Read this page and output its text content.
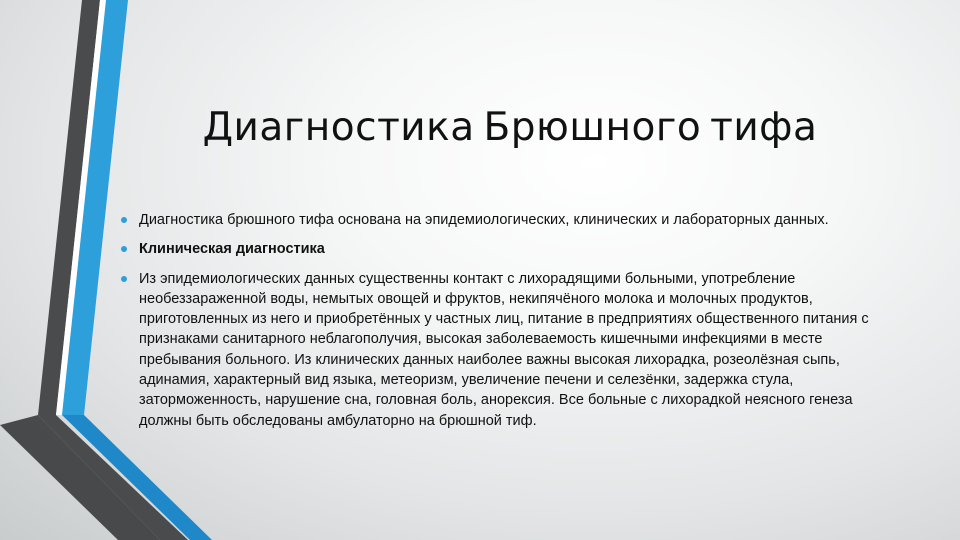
Диагностика Брюшного тифа
Диагностика брюшного тифа основана на эпидемиологических, клинических и лабораторных данных.
Клиническая диагностика
Из эпидемиологических данных существенны контакт с лихорадящими больными, употребление необеззараженной воды, немытых овощей и фруктов, некипячёного молока и молочных продуктов, приготовленных из него и приобретённых у частных лиц, питание в предприятиях общественного питания с признаками санитарного неблагополучия, высокая заболеваемость кишечными инфекциями в месте пребывания больного. Из клинических данных наиболее важны высокая лихорадка, розеолёзная сыпь, адинамия, характерный вид языка, метеоризм, увеличение печени и селезёнки, задержка стула, заторможенность, нарушение сна, головная боль, анорексия. Все больные с лихорадкой неясного генеза должны быть обследованы амбулаторно на брюшной тиф.
